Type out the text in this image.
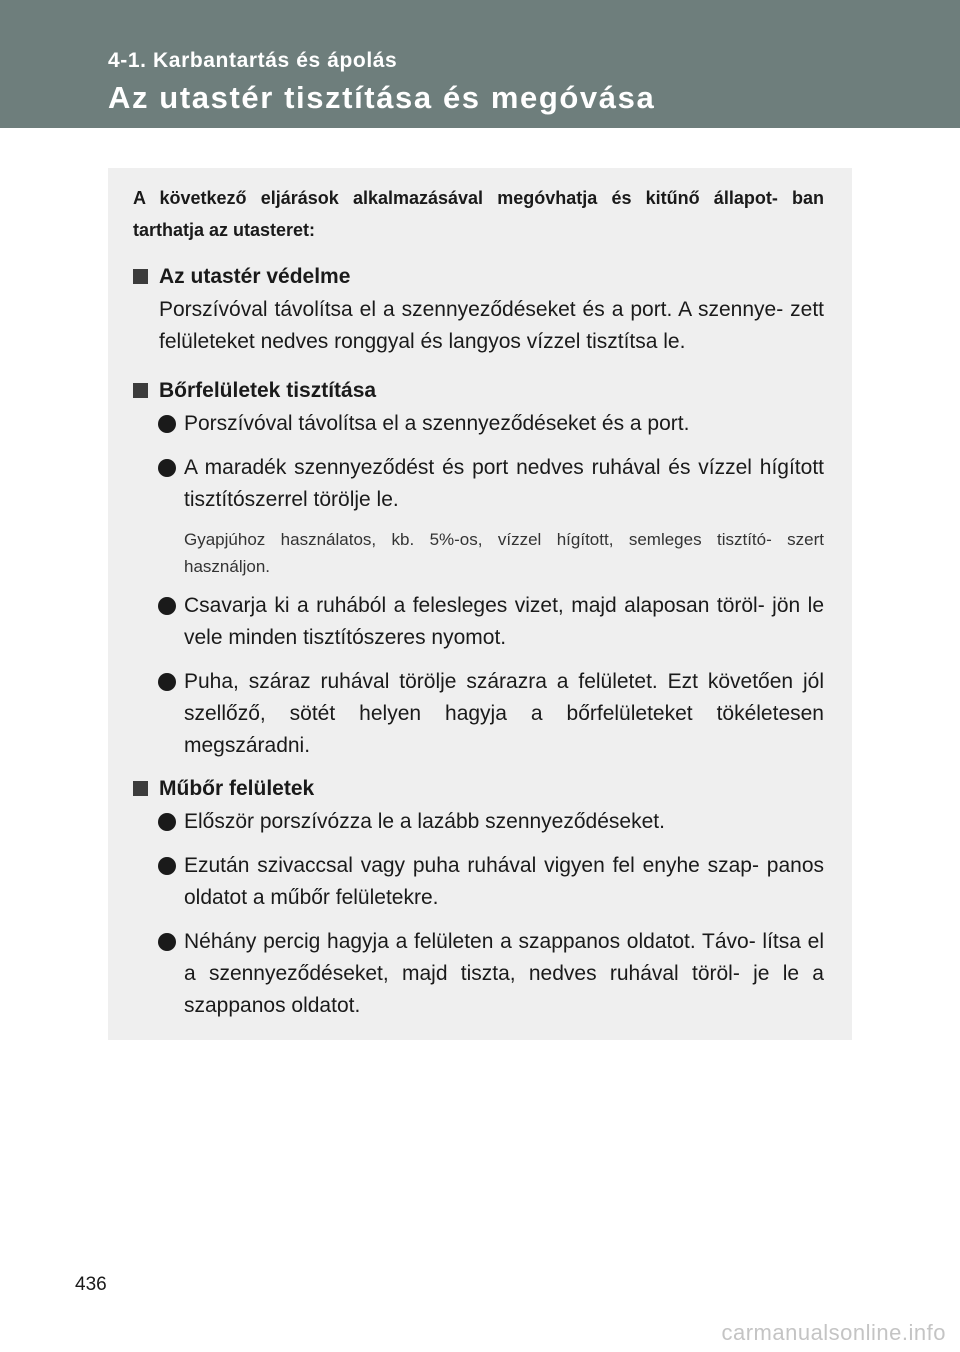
4-1. Karbantartás és ápolás
Az utastér tisztítása és megóvása

A következő eljárások alkalmazásával megóvhatja és kitűnő állapot- ban tarthatja az utasteret:

Az utastér védelme

Porszívóval távolítsa el a szennyeződéseket és a port. A szennye- zett felületeket nedves ronggyal és langyos vízzel tisztítsa le.

Bőrfelületek tisztítása
Porszívóval távolítsa el a szennyeződéseket és a port.
A maradék szennyeződést és port nedves ruhával és vízzel hígított tisztítószerrel törölje le.

Gyapjúhoz használatos, kb. 5%-os, vízzel hígított, semleges tisztító- szert használjon.

Csavarja ki a ruhából a felesleges vizet, majd alaposan töröl- jön le vele minden tisztítószeres nyomot.
Puha, száraz ruhával törölje szárazra a felületet. Ezt követően jól szellőző, sötét helyen hagyja a bőrfelületeket tökéletesen megszáradni.
Műbőr felületek
Először porszívózza le a lazább szennyeződéseket.
Ezután szivaccsal vagy puha ruhával vigyen fel enyhe szap- panos oldatot a műbőr felületekre.
Néhány percig hagyja a felületen a szappanos oldatot. Távo- lítsa el a szennyeződéseket, majd tiszta, nedves ruhával töröl- je le a szappanos oldatot.
436
carmanualsonline.info
